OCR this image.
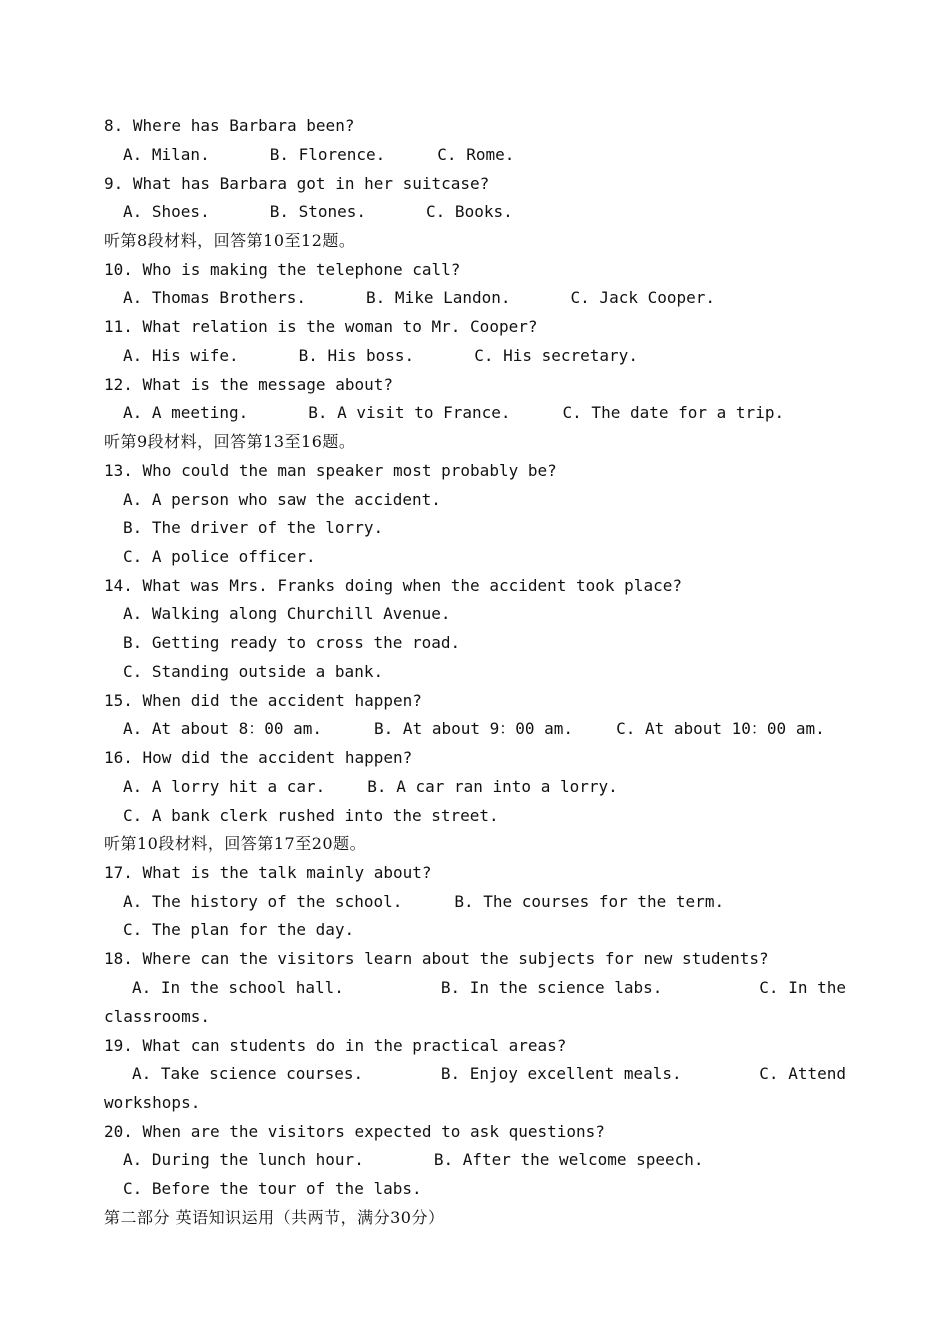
8. Where has Barbara been?
A. Milan.	B. Florence.	C. Rome.
9. What has Barbara got in her suitcase?
A. Shoes.	B. Stones.	C. Books.
听第8段材料，回答第10至12题。
10. Who is making the telephone call?
A. Thomas Brothers.	B. Mike Landon.	C. Jack Cooper.
11. What relation is the woman to Mr. Cooper?
A. His wife.	B. His boss.	C. His secretary.
12. What is the message about?
A. A meeting.	B. A visit to France.	C. The date for a trip.
听第9段材料，回答第13至16题。
13. Who could the man speaker most probably be?
A. A person who saw the accident.
B. The driver of the lorry.
C. A police officer.
14. What was Mrs. Franks doing when the accident took place?
A. Walking along Churchill Avenue.
B. Getting ready to cross the road.
C. Standing outside a bank.
15. When did the accident happen?
A. At about 8：00 am.	B. At about 9：00 am.	C. At about 10：00 am.
16. How did the accident happen?
A. A lorry hit a car.	B. A car ran into a lorry.
C. A bank clerk rushed into the street.
听第10段材料，回答第17至20题。
17. What is the talk mainly about?
A. The history of the school.	B. The courses for the term.
C. The plan for the day.
18. Where can the visitors learn about the subjects for new students?
A. In the school hall.	B. In the science labs.	C. In the
classrooms.
19. What can students do in the practical areas?
A. Take science courses.	B. Enjoy excellent meals.	C. Attend
workshops.
20. When are the visitors expected to ask questions?
A. During the lunch hour.	B. After the welcome speech.
C. Before the tour of the labs.
第二部分 英语知识运用（共两节，满分30分）
